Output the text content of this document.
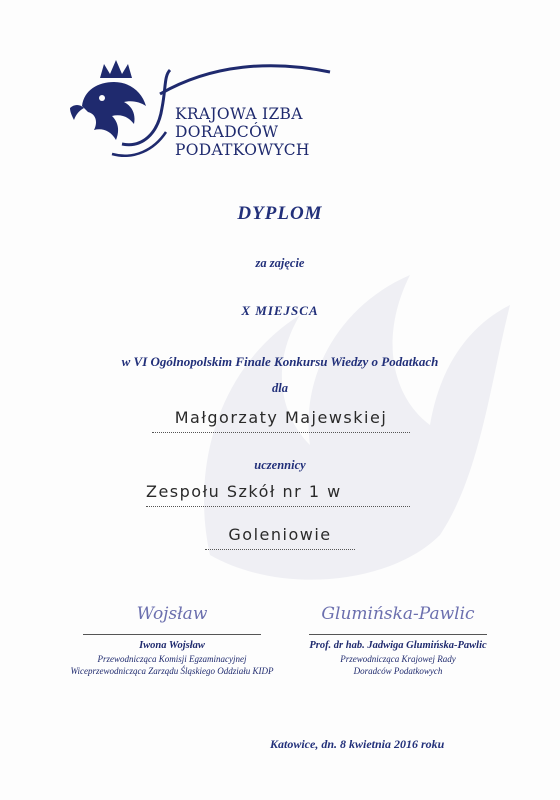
KRAJOWA IZBA
DORADCÓW
PODATKOWYCH
DYPLOM
za zajęcie
X MIEJSCA
w VI Ogólnopolskim Finale Konkursu Wiedzy o Podatkach
dla
Małgorzaty Majewskiej
uczennicy
Zespołu Szkół nr 1 w
Goleniowie
Wojsław
Iwona Wojsław
Przewodnicząca Komisji Egzaminacyjnej
Wiceprzewodnicząca Zarządu Śląskiego Oddziału KIDP
Glumińska-Pawlic
Prof. dr hab. Jadwiga Glumińska-Pawlic
Przewodnicząca Krajowej Rady
Doradców Podatkowych
Katowice, dn. 8 kwietnia 2016 roku
